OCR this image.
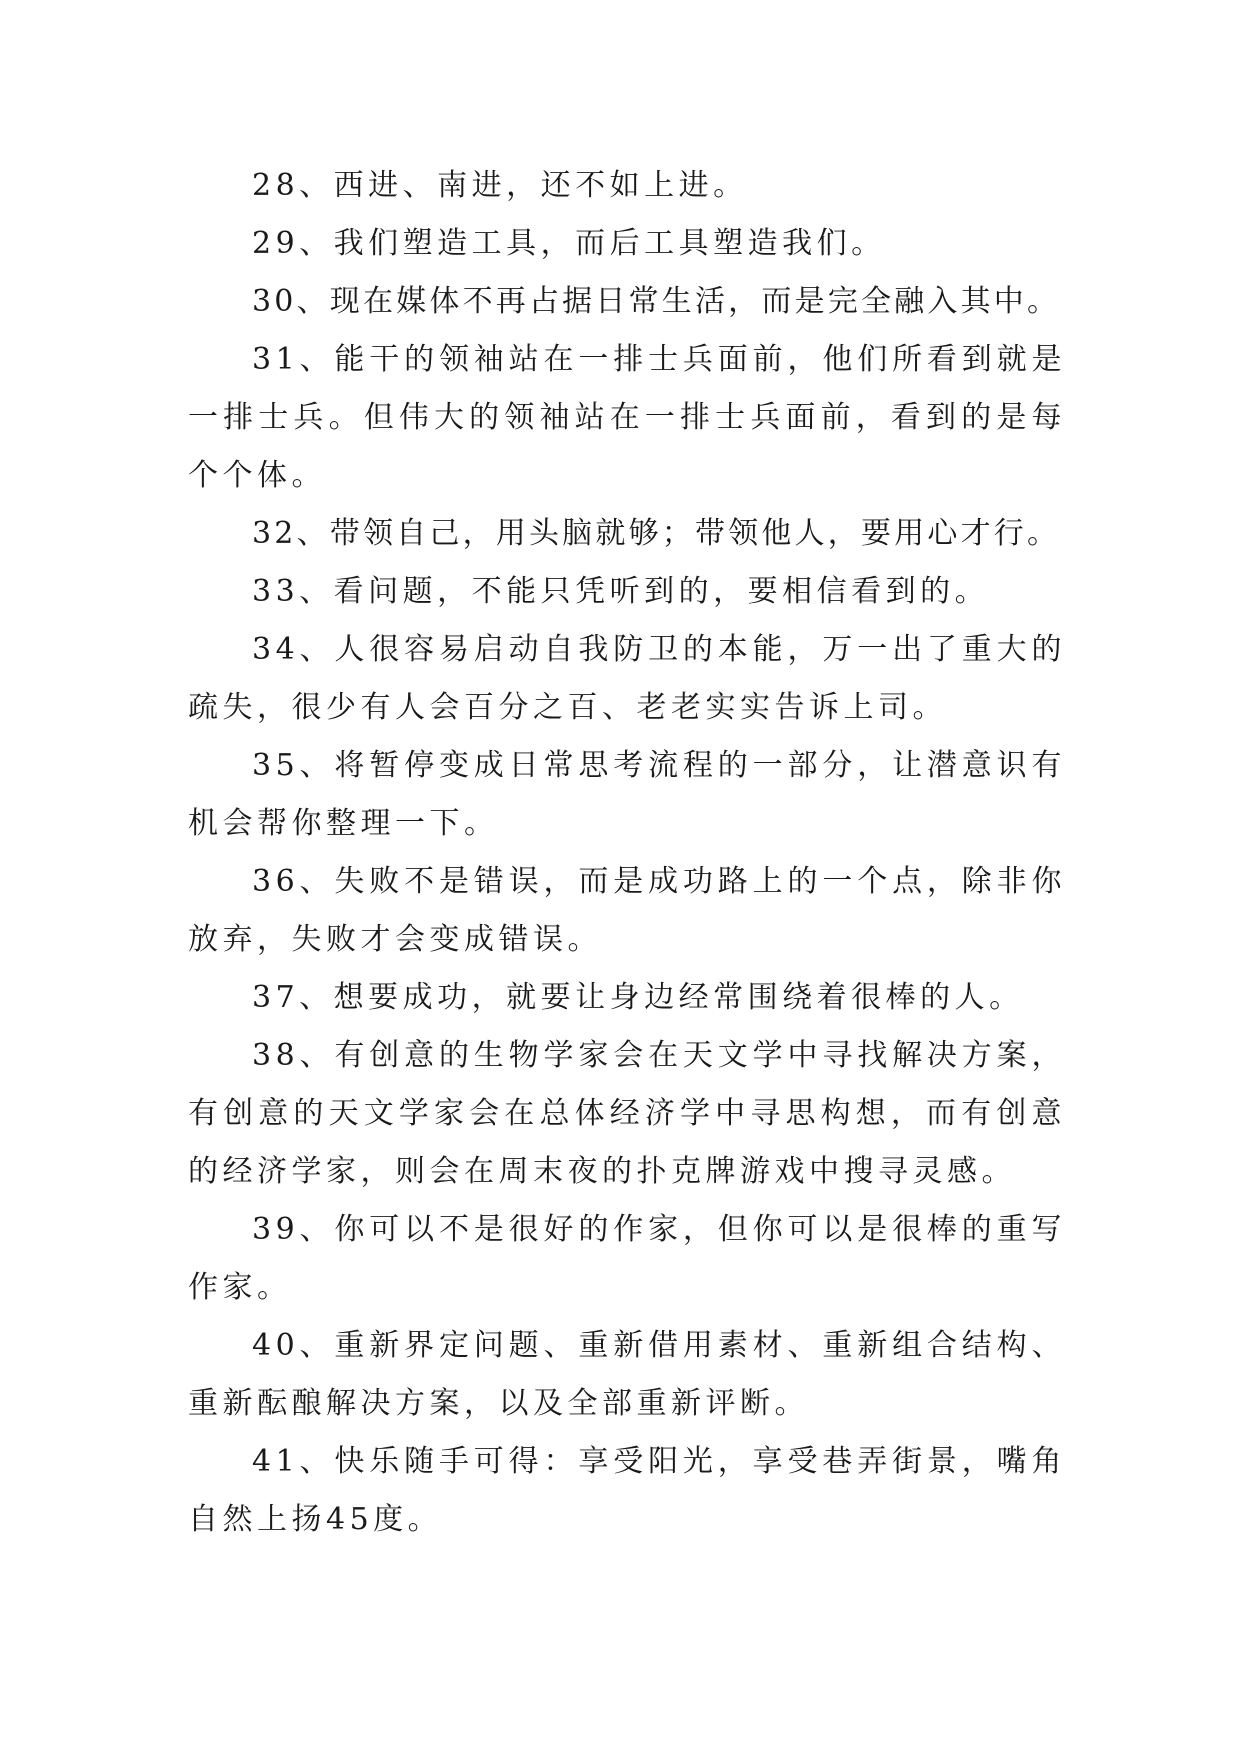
28、西进、南进，还不如上进。

29、我们塑造工具，而后工具塑造我们。

30、现在媒体不再占据日常生活，而是完全融入其中。

31、能干的领袖站在一排士兵面前，他们所看到就是一排士兵。但伟大的领袖站在一排士兵面前，看到的是每个个体。

32、带领自己，用头脑就够；带领他人，要用心才行。

33、看问题，不能只凭听到的，要相信看到的。

34、人很容易启动自我防卫的本能，万一出了重大的疏失，很少有人会百分之百、老老实实告诉上司。

35、将暂停变成日常思考流程的一部分，让潜意识有机会帮你整理一下。

36、失败不是错误，而是成功路上的一个点，除非你放弃，失败才会变成错误。

37、想要成功，就要让身边经常围绕着很棒的人。

38、有创意的生物学家会在天文学中寻找解决方案，有创意的天文学家会在总体经济学中寻思构想，而有创意的经济学家，则会在周末夜的扑克牌游戏中搜寻灵感。

39、你可以不是很好的作家，但你可以是很棒的重写作家。

40、重新界定问题、重新借用素材、重新组合结构、重新酝酿解决方案，以及全部重新评断。

41、快乐随手可得：享受阳光，享受巷弄街景，嘴角自然上扬45度。
